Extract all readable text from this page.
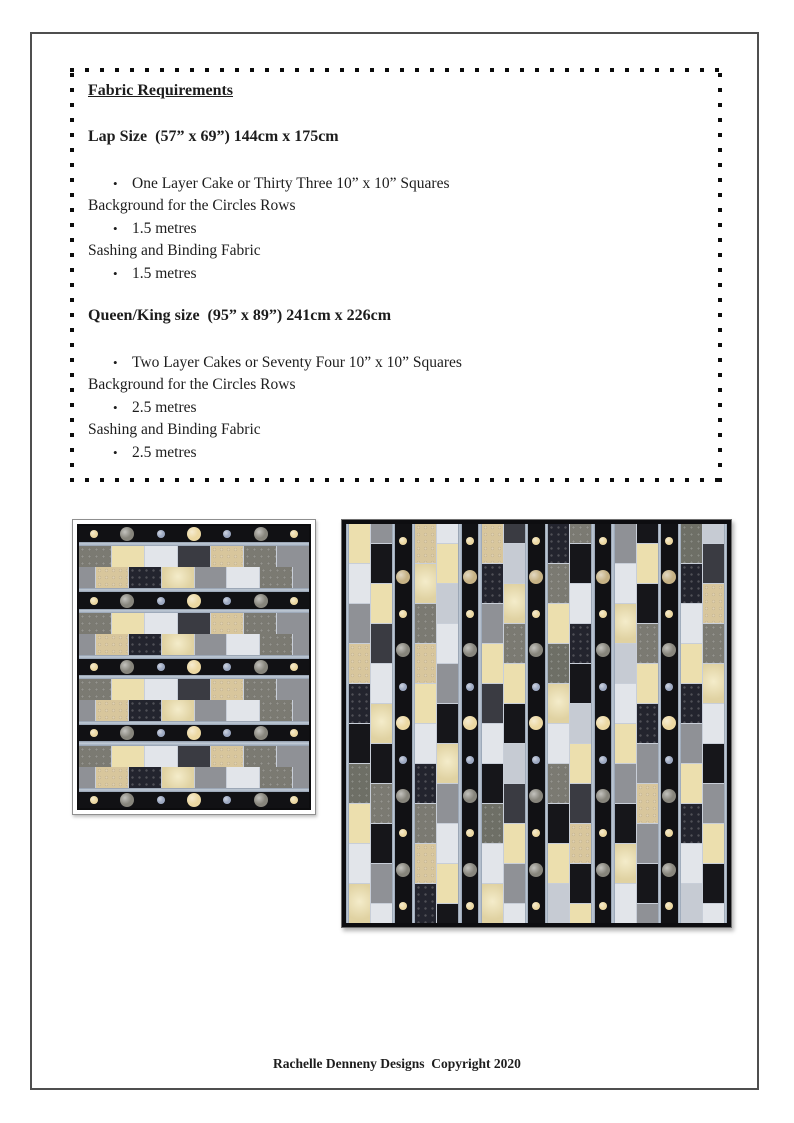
Fabric Requirements
Lap Size  (57” x 69”) 144cm x 175cm
• One Layer Cake or Thirty Three 10” x 10” Squares
Background for the Circles Rows
• 1.5 metres
Sashing and Binding Fabric
• 1.5 metres
Queen/King size  (95” x 89”) 241cm x 226cm
• Two Layer Cakes or Seventy Four 10” x 10” Squares
Background for the Circles Rows
• 2.5 metres
Sashing and Binding Fabric
• 2.5 metres
Rachelle Denneny Designs  Copyright 2020
